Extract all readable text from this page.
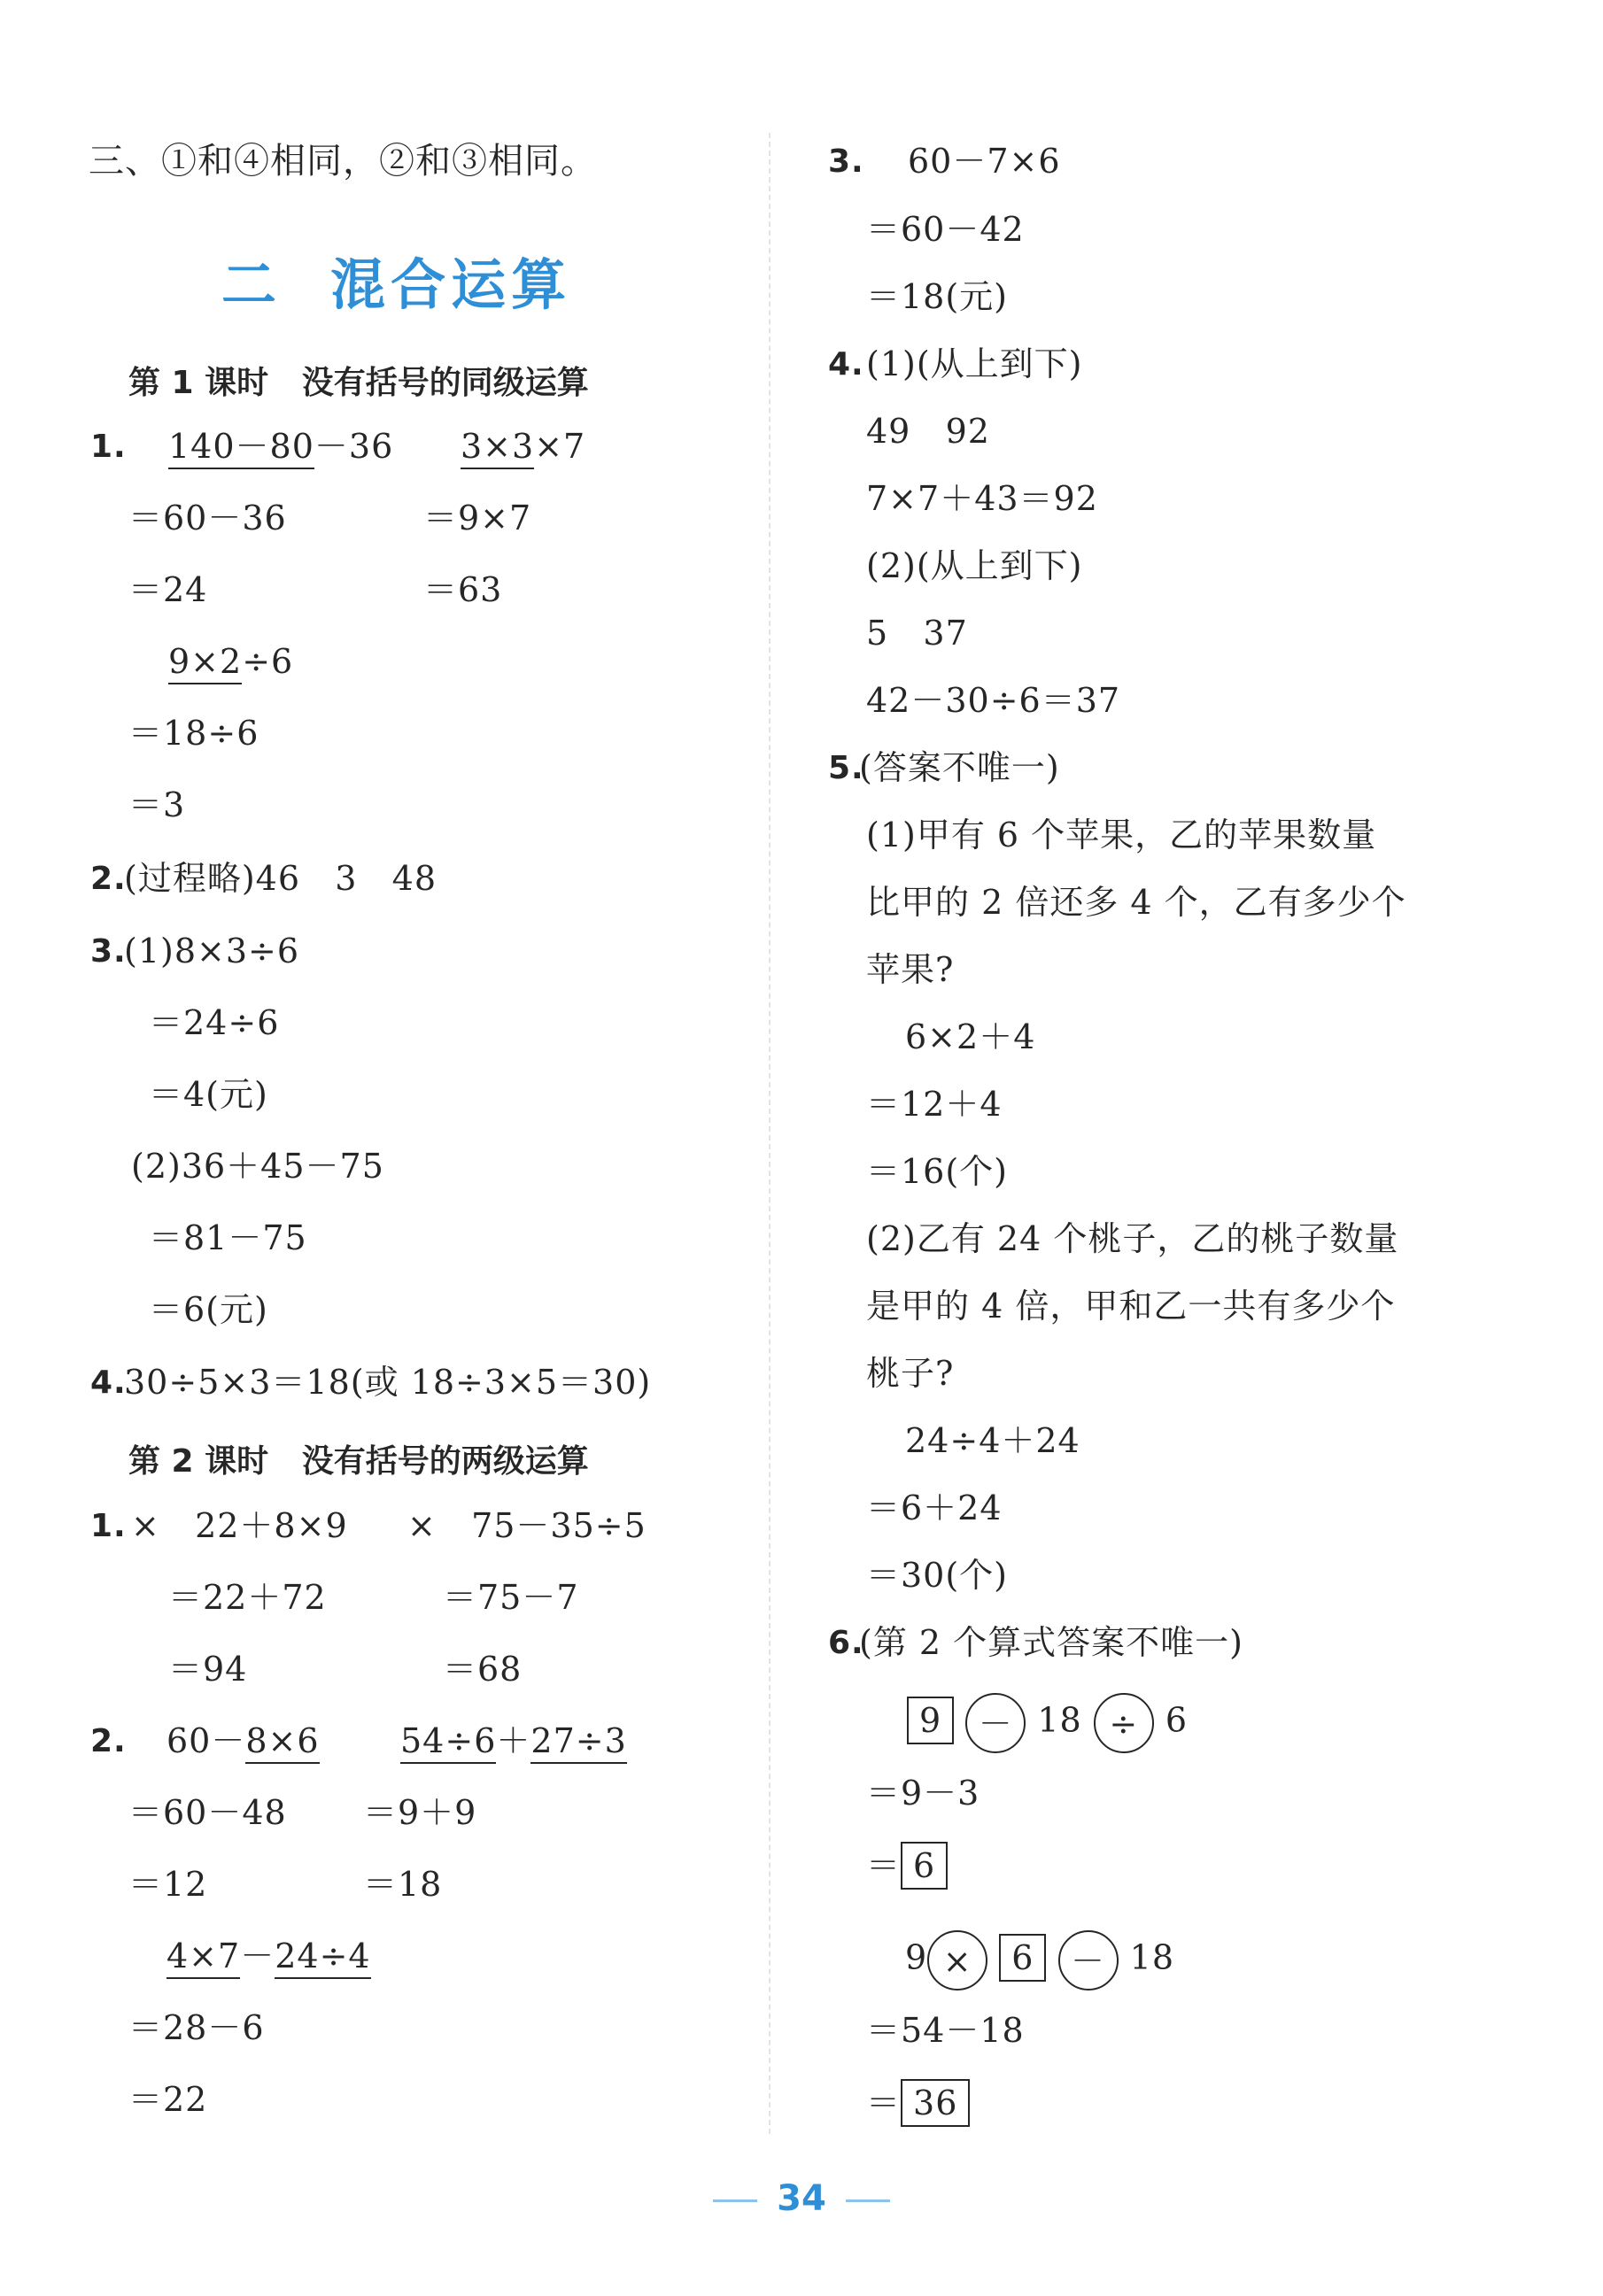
三、①和④相同，②和③相同。
二  混合运算
第 1 课时   没有括号的同级运算
1. 140－80－36 3×3×7
＝60－36	＝9×7
＝24	＝63
9×2÷6
＝18÷6
＝3
2.
(过程略)46   3   48
3.
(1)8×3÷6
＝24÷6
＝4(元)
(2)36＋45－75
＝81－75
＝6(元)
4.
30÷5×3＝18(或 18÷3×5＝30)
第 2 课时   没有括号的两级运算
1. ×   22＋8×9 ×   75－35÷5
＝22＋72	＝75－7
＝94	＝68
2. 60－8×6 54÷6＋27÷3
＝60－48 ＝9＋9
＝12	＝18
4×7－24÷4
＝28－6
＝22
3. 60－7×6
＝60－42
＝18(元)
4. (1)(从上到下)
49   92
7×7＋43＝92
(2)(从上到下)
5   37
42－30÷6＝37
5.
(答案不唯一)
(1)甲有 6 个苹果，乙的苹果数量
比甲的 2 倍还多 4 个，乙有多少个
苹果?
6×2＋4
＝12＋4
＝16(个)
(2)乙有 24 个桃子，乙的桃子数量
是甲的 4 倍，甲和乙一共有多少个
桃子?
24÷4＋24
＝6＋24
＝30(个)
6.
(第 2 个算式答案不唯一)
9 － 18 ÷ 6
＝9－3
＝ 6
9 × 6 － 18
＝54－18
＝ 36
34
